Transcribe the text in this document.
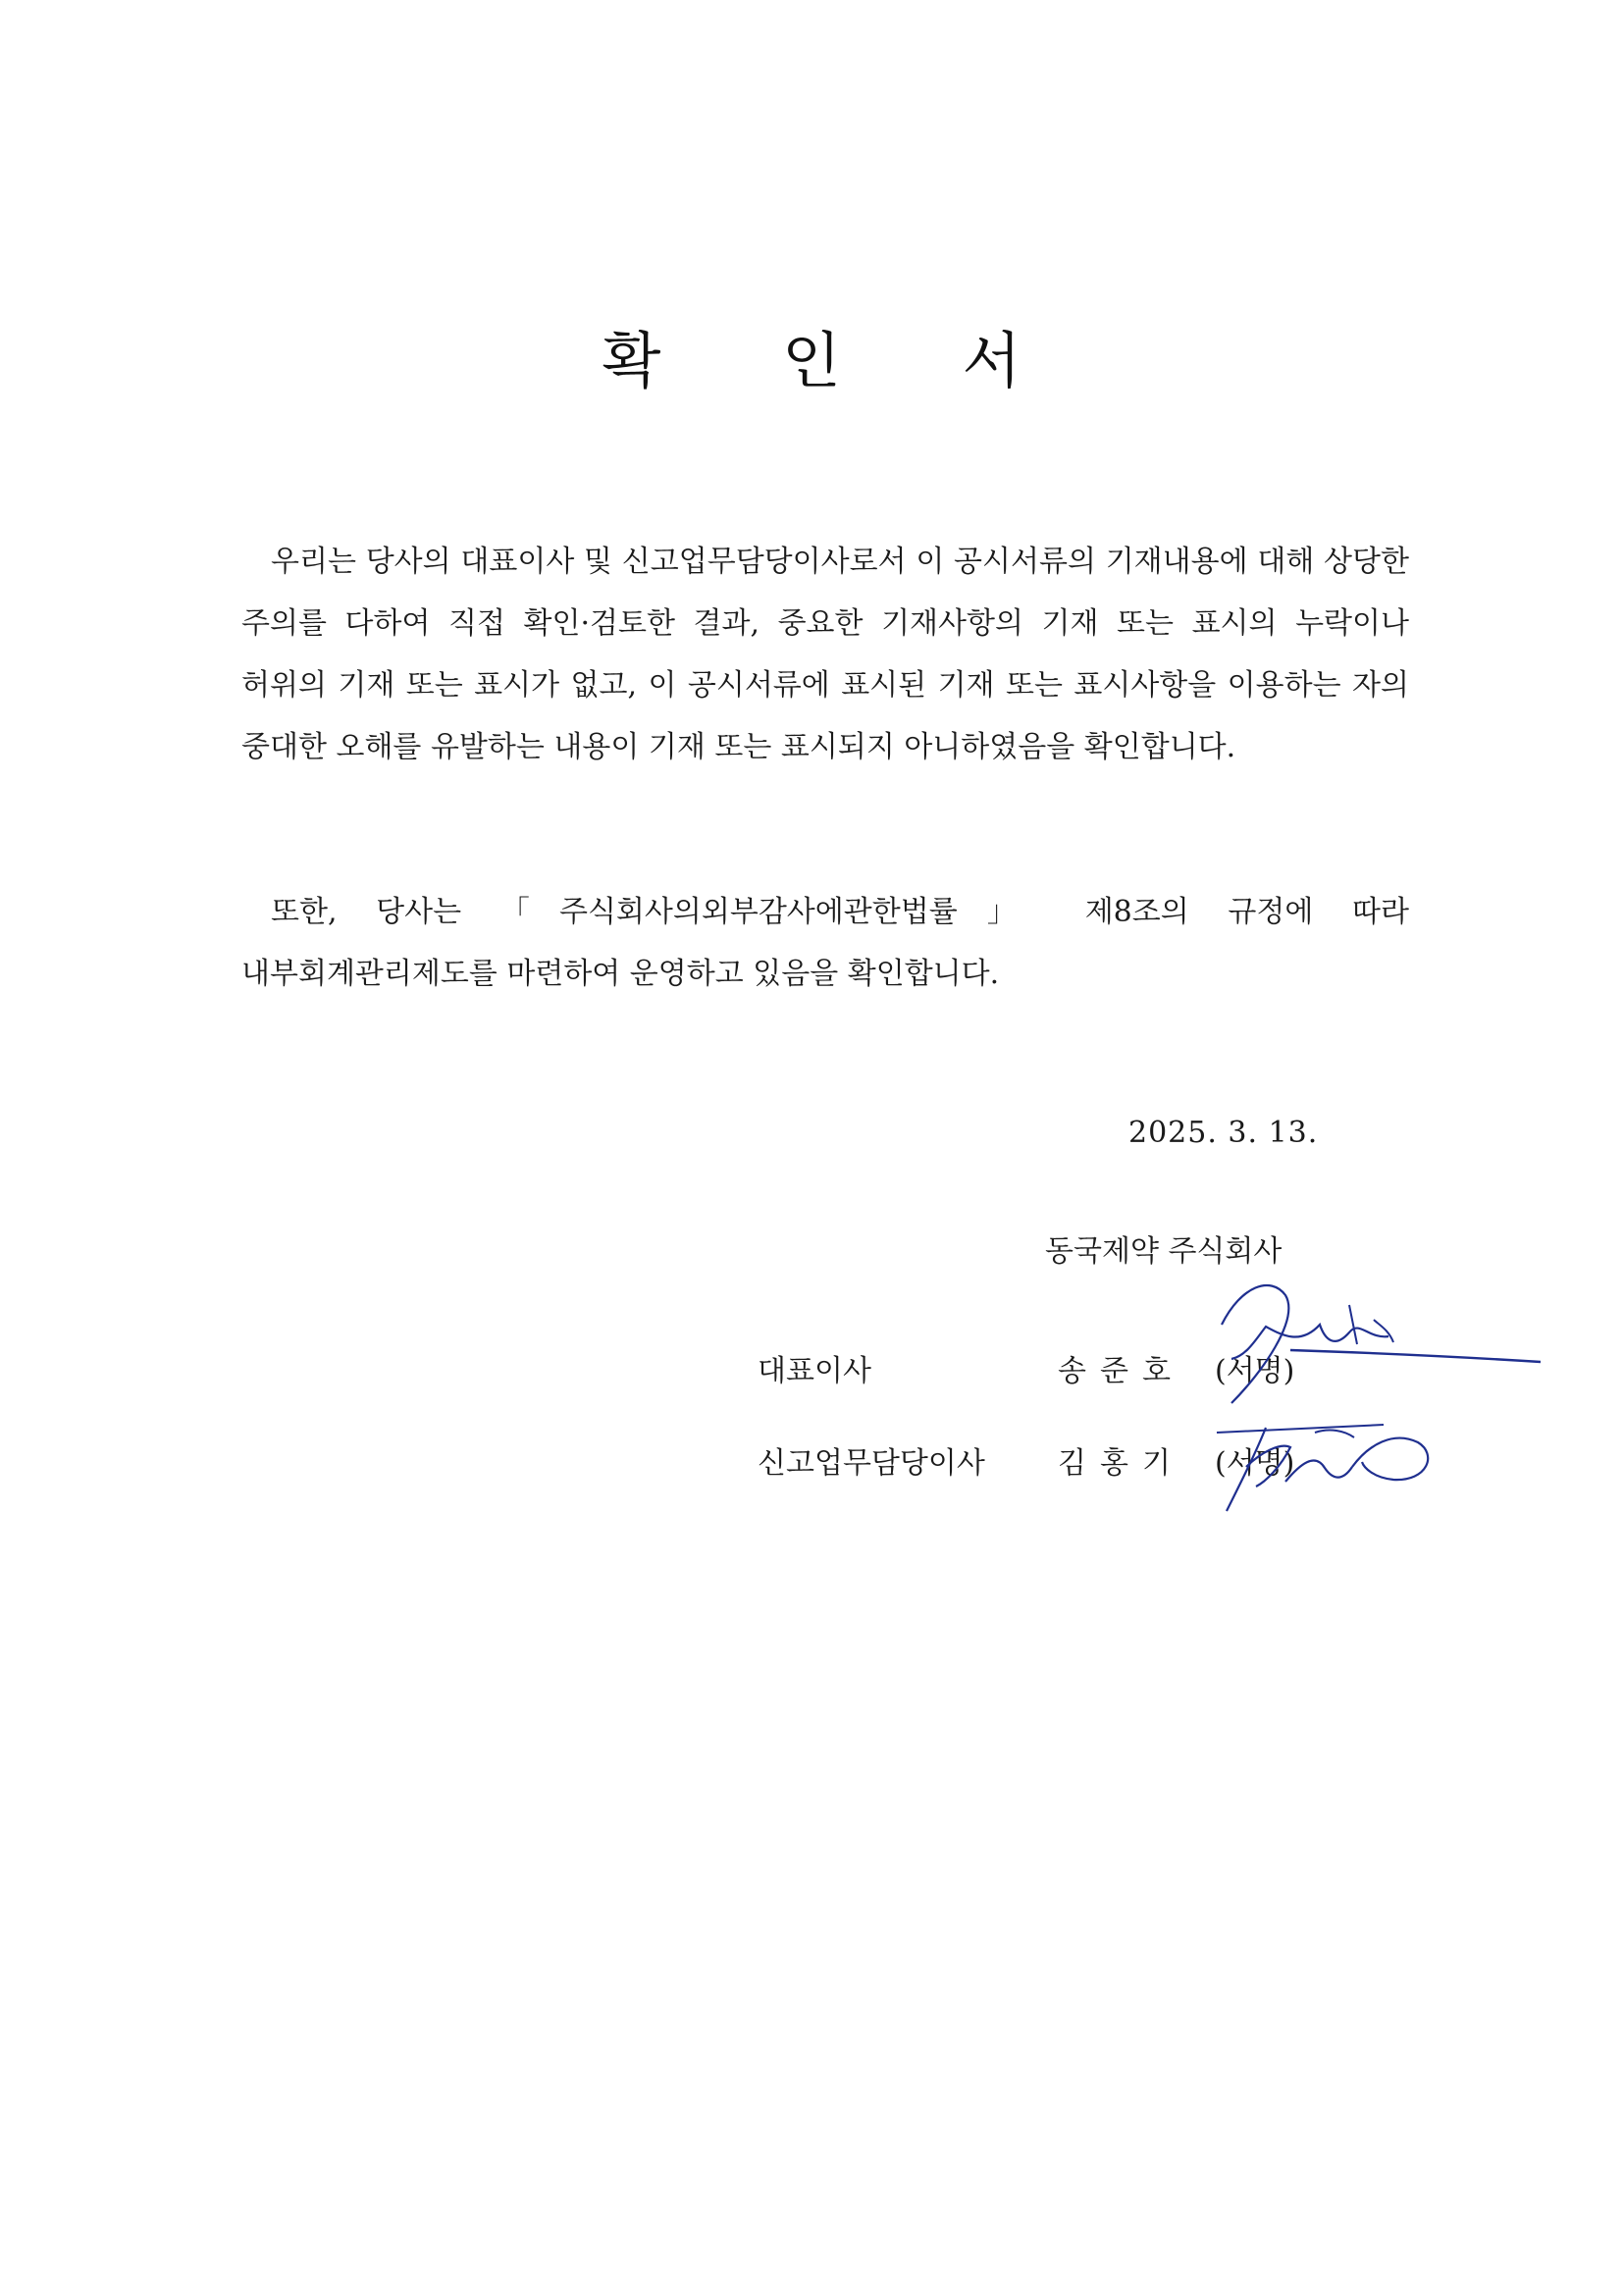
확 인 서

우리는 당사의 대표이사 및 신고업무담당이사로서 이 공시서류의 기재내용에 대해 상당한 주의를 다하여 직접 확인·검토한 결과, 중요한 기재사항의 기재 또는 표시의 누락이나 허위의 기재 또는 표시가 없고, 이 공시서류에 표시된 기재 또는 표시사항을 이용하는 자의 중대한 오해를 유발하는 내용이 기재 또는 표시되지 아니하였음을 확인합니다.

또한, 당사는 「주식회사의외부감사에관한법률」 제8조의 규정에 따라 내부회계관리제도를 마련하여 운영하고 있음을 확인합니다.

2025. 3. 13.
동국제약 주식회사
대표이사	송준호 (서명)
신고업무담당이사 김홍기 (서명)
